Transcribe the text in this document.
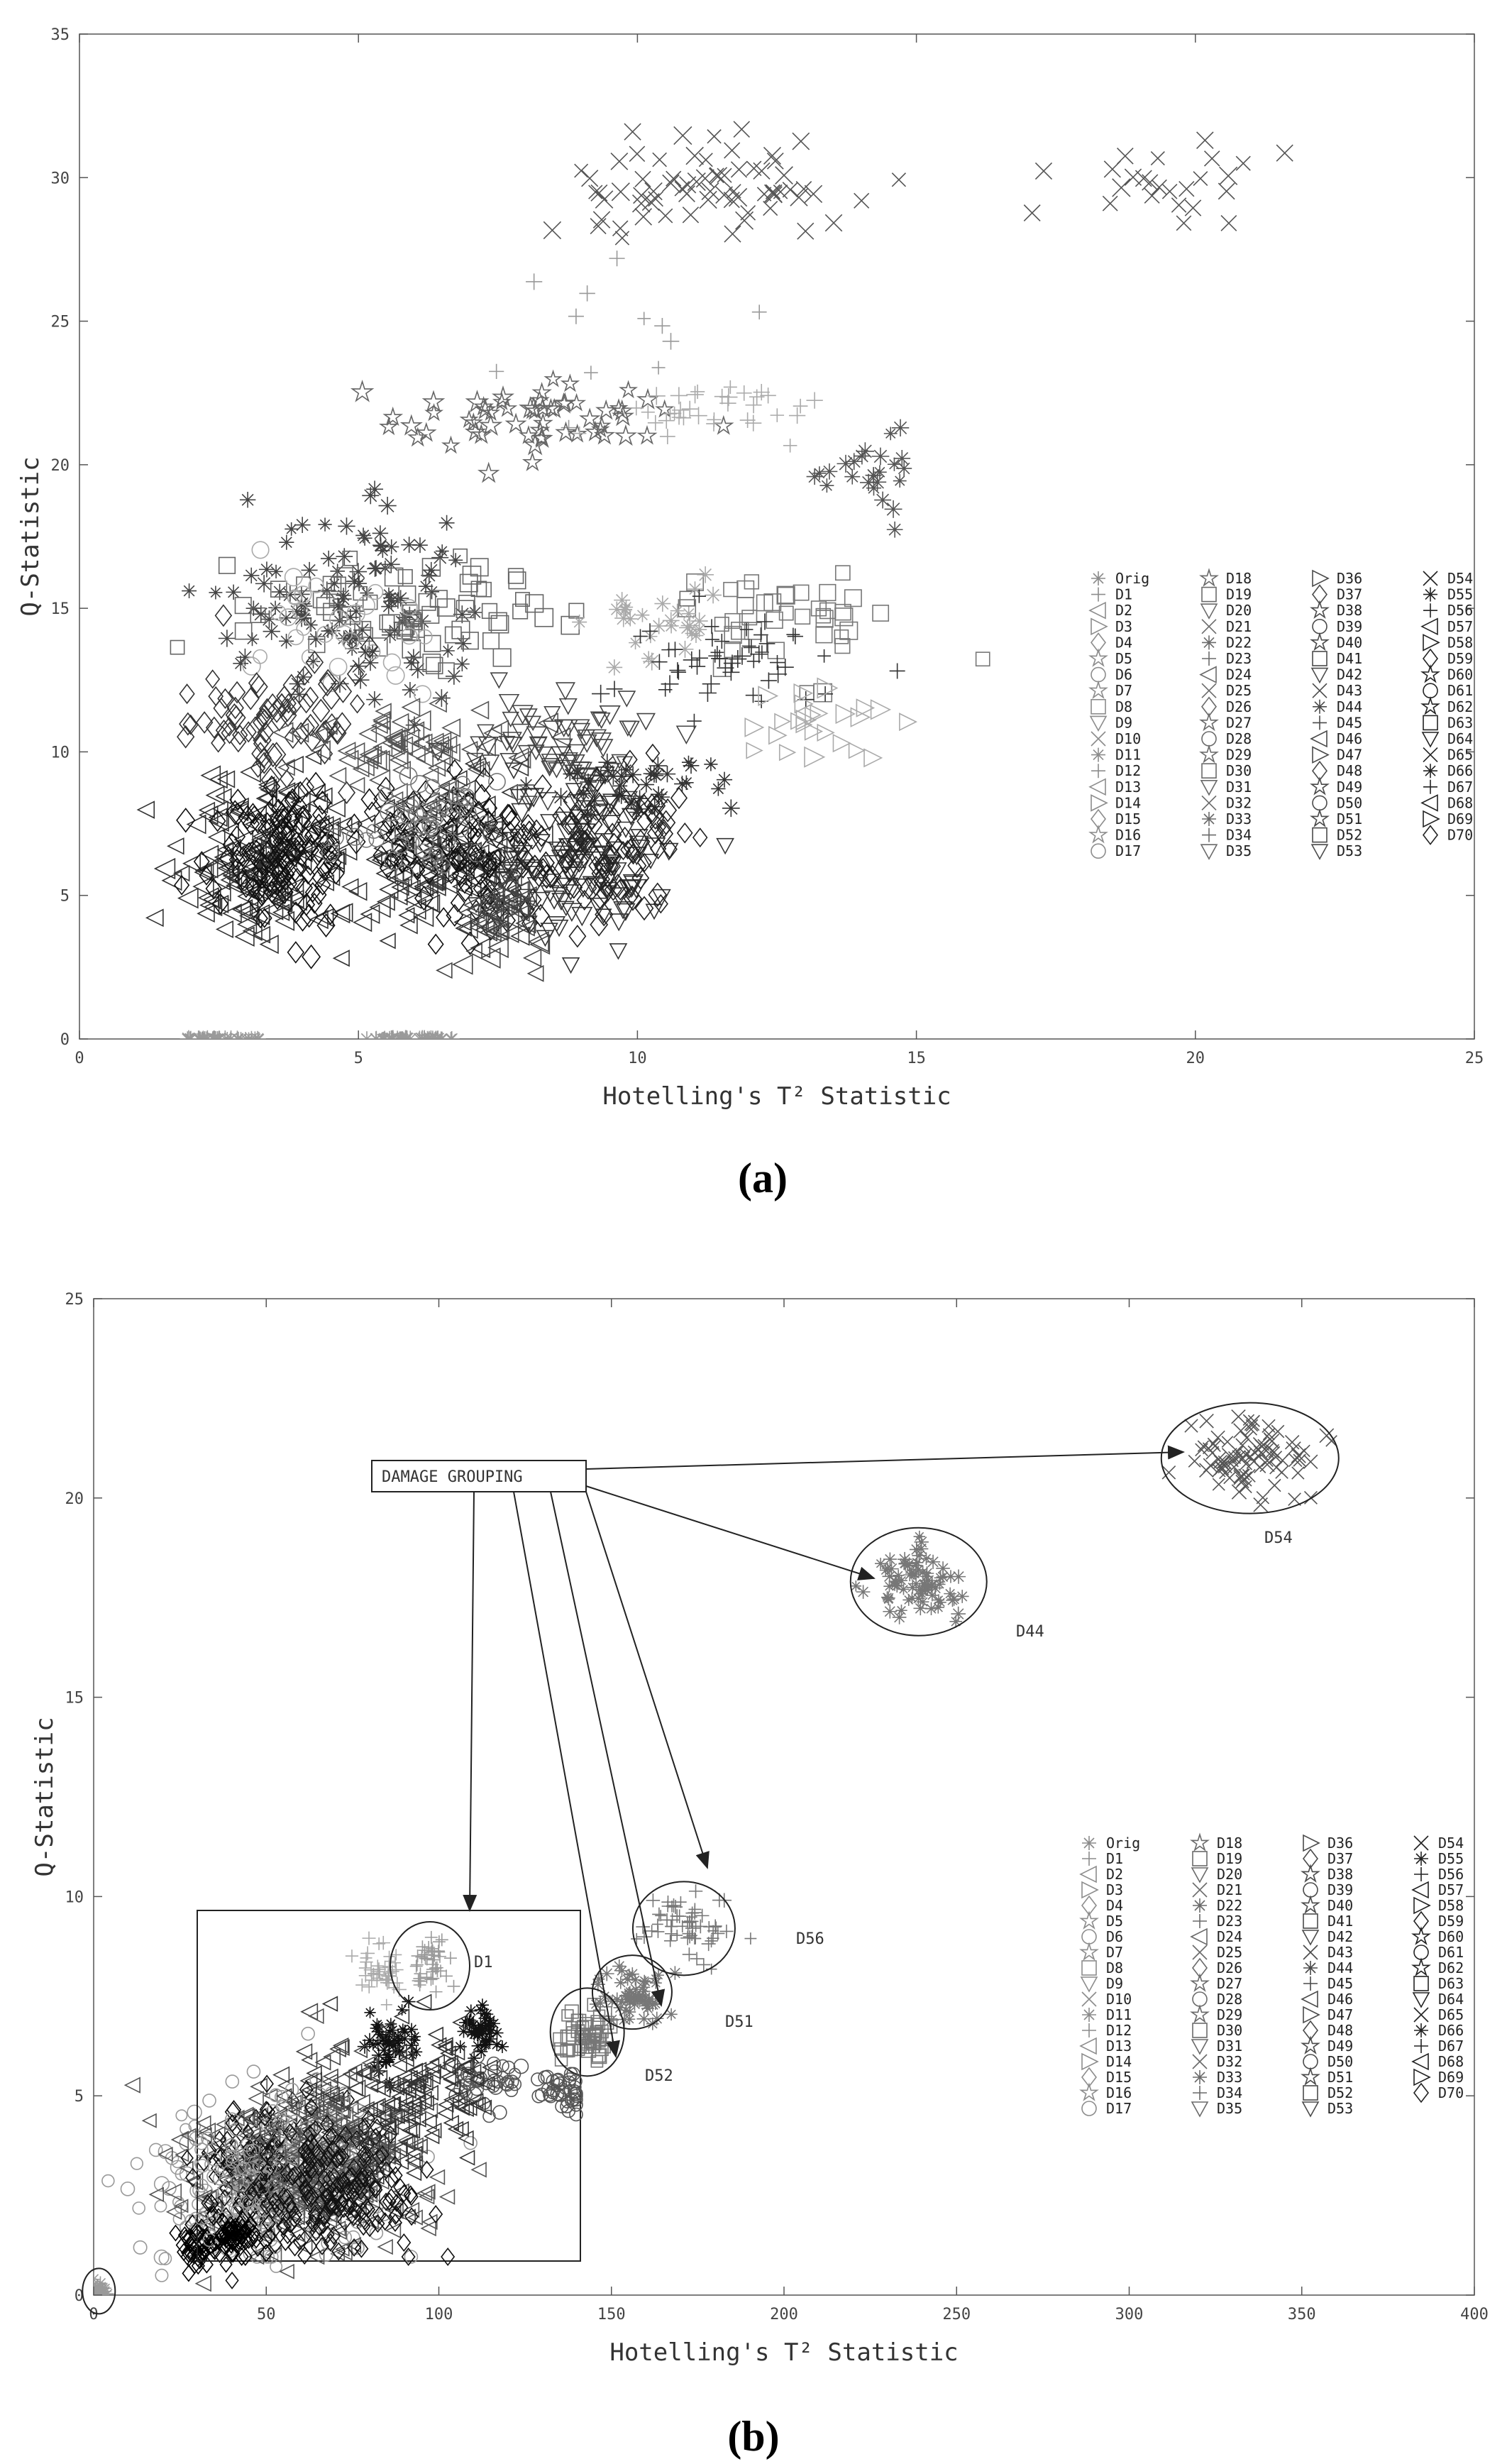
0	5	10	15	20	25
0
5
10
15
20
25
30
35
Hotelling's T² Statistic
Q-Statistic	Orig
D1
D2
D3
D4
D5
D6
D7
D8
D9
D10
D11
D12
D13
D14
D15
D16
D17
D18
D19
D20
D21
D22
D23
D24
D25
D26
D27
D28
D29
D30
D31
D32
D33
D34
D35
D36
D37
D38
D39
D40
D41
D42
D43
D44
D45
D46
D47
D48
D49
D50
D51
D52
D53
D54
D55
D56
D57
D58
D59
D60
D61
D62
D63
D64
D65
D66
D67
D68
D69
D70
0	50	100	150	200	250	300	350	400
0
5
10
15
20
25
Hotelling's T² Statistic
Q-Statistic	Orig
D1
D2
D3
D4
D5
D6
D7
D8
D9
D10
D11
D12
D13
D14
D15
D16
D17
D18
D19
D20
D21
D22
D23
D24
D25
D26
D27
D28
D29
D30
D31
D32
D33
D34
D35
D36
D37
D38
D39
D40
D41
D42
D43
D44
D45
D46
D47
D48
D49
D50
D51
D52
D53
D54
D55
D56
D57
D58
D59
D60
D61
D62
D63
D64
D65
D66
D67
D68
D69
D70
D1
D52
D51
D56
D44
D54
DAMAGE GROUPING
(a)
(b)
